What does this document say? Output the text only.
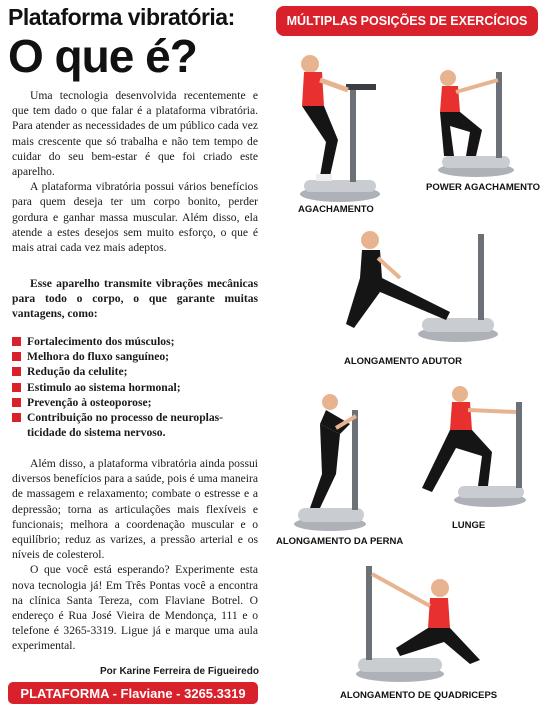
Plataforma vibratória:
O que é?
MÚLTIPLAS POSIÇÕES DE EXERCÍCIOS

Uma tecnologia desenvolvida recentemente e que tem dado o que falar é a plataforma vibratória. Para atender as necessidades de um público cada vez mais crescente que só trabalha e não tem tempo de cuidar do seu bem-estar é que foi criado este aparelho.

A plataforma vibratória possui vários benefícios para quem deseja ter um corpo bonito, perder gordura e ganhar massa muscular. Além disso, ela atende a estes desejos sem muito esforço, o que é mais atrai cada vez mais adeptos.

Esse aparelho transmite vibrações mecânicas para todo o corpo, o que garante muitas vantagens, como:

Fortalecimento dos músculos;
Melhora do fluxo sanguíneo;
Redução da celulite;
Estimulo ao sistema hormonal;
Prevenção à osteoporose;
Contribuição no processo de neuroplas-
ticidade do sistema nervoso.

Além disso, a plataforma vibratória ainda possui diversos benefícios para a saúde, pois é uma maneira de massagem e relaxamento; combate o estresse e a depressão; torna as articulações mais flexíveis e funcionais; melhora a coordenação muscular e o equilíbrio; reduz as varizes, a pressão arterial e os níveis de colesterol.

O que você está esperando? Experimente esta nova tecnologia já! Em Três Pontas você a encontra na clínica Santa Tereza, com Flaviane Botrel. O endereço é Rua José Vieira de Mendonça, 111 e o telefone é 3265-3319. Ligue já e marque uma aula experimental.

Por Karine Ferreira de Figueiredo
PLATAFORMA - Flaviane - 3265.3319
AGACHAMENTO
POWER AGACHAMENTO
ALONGAMENTO ADUTOR
ALONGAMENTO DA PERNA
LUNGE
ALONGAMENTO DE QUADRICEPS
